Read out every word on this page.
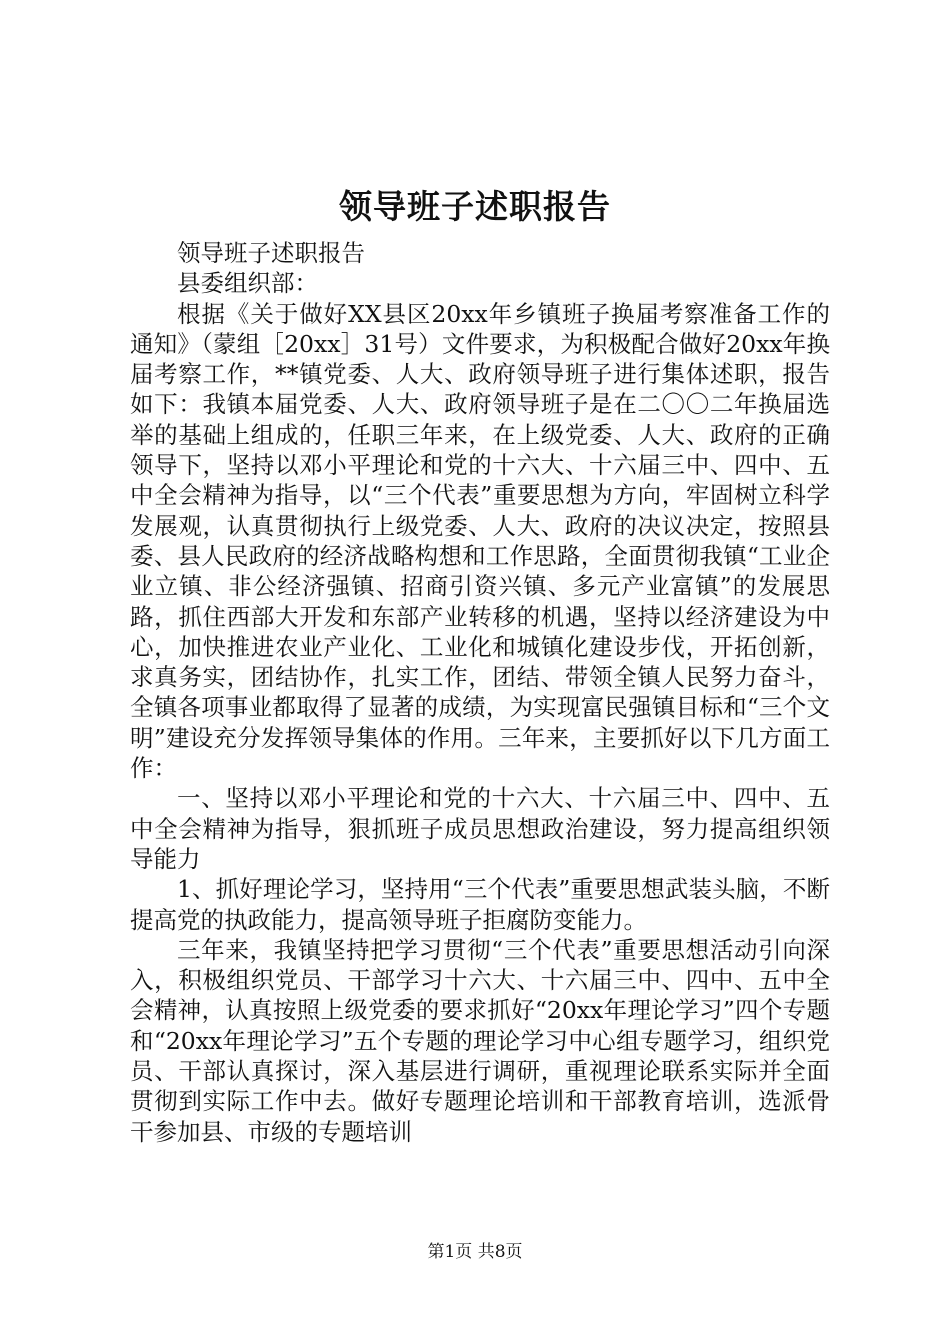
领导班子述职报告

领导班子述职报告

县委组织部：

根据《关于做好XX县区20xx年乡镇班子换届考察准备工作的通知》（蒙组［20xx］31号）文件要求，为积极配合做好20xx年换届考察工作，**镇党委、人大、政府领导班子进行集体述职，报告如下：我镇本届党委、人大、政府领导班子是在二〇〇二年换届选举的基础上组成的，任职三年来，在上级党委、人大、政府的正确领导下，坚持以邓小平理论和党的十六大、十六届三中、四中、五中全会精神为指导，以“三个代表”重要思想为方向，牢固树立科学发展观，认真贯彻执行上级党委、人大、政府的决议决定，按照县委、县人民政府的经济战略构想和工作思路，全面贯彻我镇“工业企业立镇、非公经济强镇、招商引资兴镇、多元产业富镇”的发展思路，抓住西部大开发和东部产业转移的机遇，坚持以经济建设为中心，加快推进农业产业化、工业化和城镇化建设步伐，开拓创新，求真务实，团结协作，扎实工作，团结、带领全镇人民努力奋斗，全镇各项事业都取得了显著的成绩，为实现富民强镇目标和“三个文明”建设充分发挥领导集体的作用。三年来，主要抓好以下几方面工作：

一、坚持以邓小平理论和党的十六大、十六届三中、四中、五中全会精神为指导，狠抓班子成员思想政治建设，努力提高组织领导能力

1、抓好理论学习，坚持用“三个代表”重要思想武装头脑，不断提高党的执政能力，提高领导班子拒腐防变能力。

三年来，我镇坚持把学习贯彻“三个代表”重要思想活动引向深入，积极组织党员、干部学习十六大、十六届三中、四中、五中全会精神，认真按照上级党委的要求抓好“20xx年理论学习”四个专题和“20xx年理论学习”五个专题的理论学习中心组专题学习，组织党员、干部认真探讨，深入基层进行调研，重视理论联系实际并全面贯彻到实际工作中去。做好专题理论培训和干部教育培训，选派骨干参加县、市级的专题培训

第1页 共8页
